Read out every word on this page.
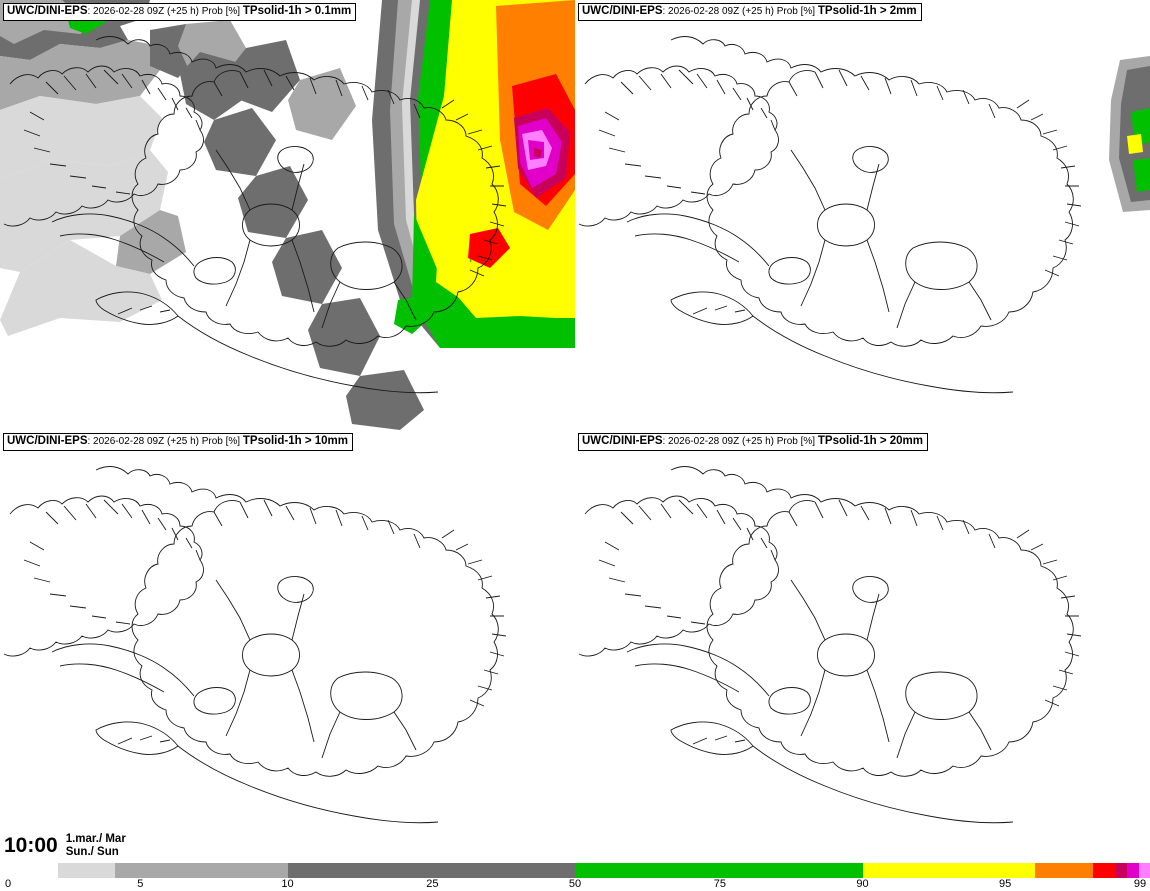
UWC/DINI-EPS: 2026-02-28 09Z (+25 h) Prob [%] TPsolid-1h > 0.1mm	UWC/DINI-EPS: 2026-02-28 09Z (+25 h) Prob [%] TPsolid-1h > 2mm
UWC/DINI-EPS: 2026-02-28 09Z (+25 h) Prob [%] TPsolid-1h > 10mm	UWC/DINI-EPS: 2026-02-28 09Z (+25 h) Prob [%] TPsolid-1h > 20mm
10:00 1.mar./ Mar
Sun./ Sun
0	5	10	25	50	75	90	95	99
